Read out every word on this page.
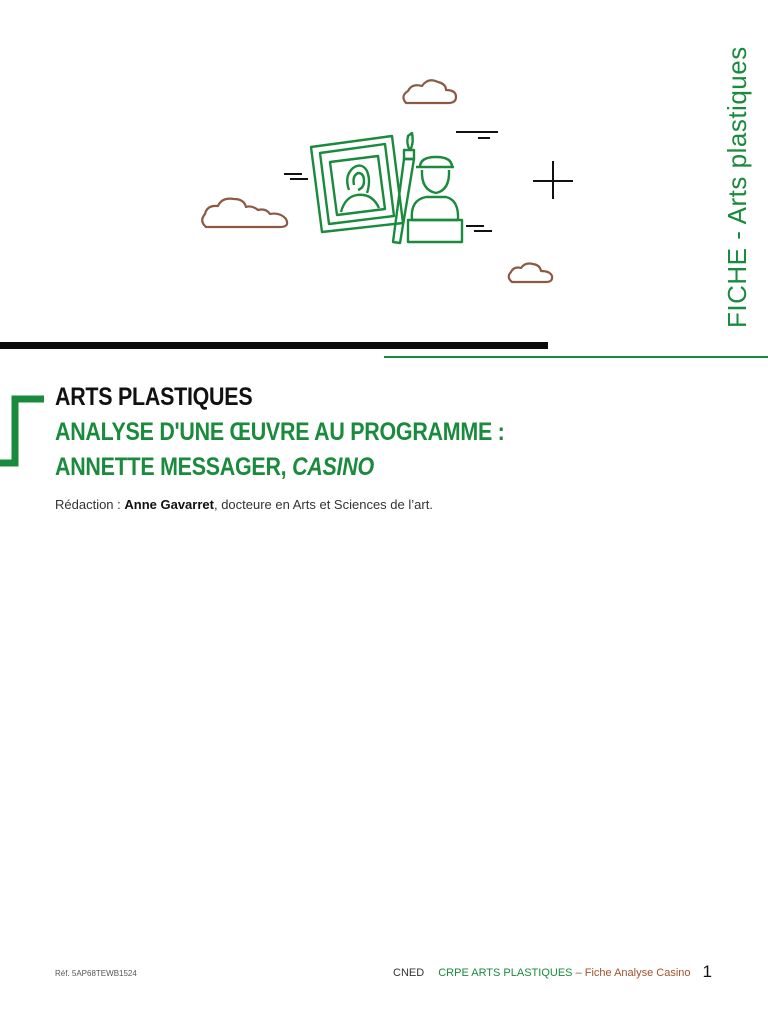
FICHE - Arts plastiques
ARTS PLASTIQUES
ANALYSE D'UNE ŒUVRE AU PROGRAMME :
ANNETTE MESSAGER, CASINO
Rédaction : Anne Gavarret, docteure en Arts et Sciences de l’art.
Réf. 5AP68TEWB1524	CNED CRPE ARTS PLASTIQUES – Fiche Analyse Casino 1
